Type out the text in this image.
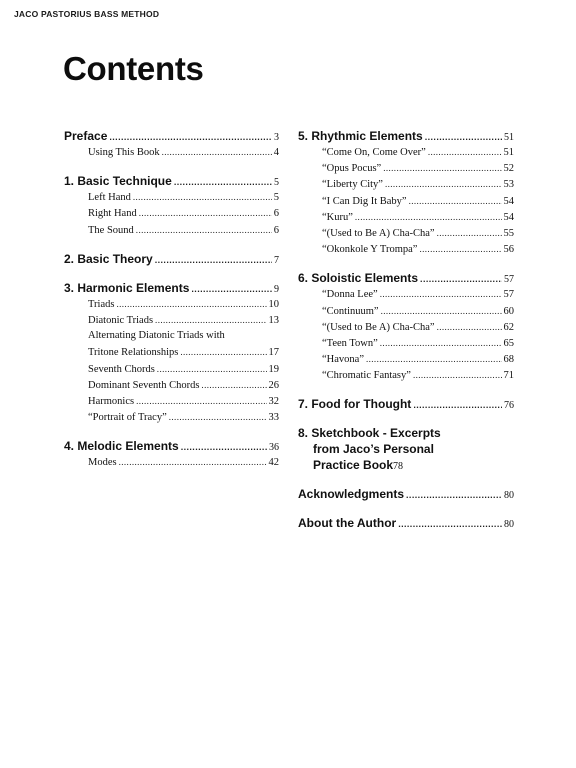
JACO PASTORIUS BASS METHOD
Contents
Preface .....	3
Using This Book .....	4
1. Basic Technique .....	5
Left Hand .....	5
Right Hand .....	6
The Sound .....	6
2. Basic Theory .....	7
3. Harmonic Elements .....	9
Triads .....	10
Diatonic Triads .....	13
Alternating Diatonic Triads with
Tritone Relationships .....	17
Seventh Chords .....	19
Dominant Seventh Chords .....	26
Harmonics .....	32
“Portrait of Tracy” .....	33
4. Melodic Elements .....	36
Modes .....	42
5. Rhythmic Elements .....	51
“Come On, Come Over” .....	51
“Opus Pocus” .....	52
“Liberty City” .....	53
“I Can Dig It Baby” .....	54
“Kuru” .....	54
“(Used to Be A) Cha-Cha” .....	55
“Okonkole Y Trompa” .....	56
6. Soloistic Elements .....	57
“Donna Lee” .....	57
“Continuum” .....	60
“(Used to Be A) Cha-Cha” .....	62
“Teen Town” .....	65
“Havona” .....	68
“Chromatic Fantasy” .....	71
7. Food for Thought .....	76
8. Sketchbook - Excerpts
from Jaco’s Personal
Practice Book 78
Acknowledgments .....	80
About the Author .....	80
